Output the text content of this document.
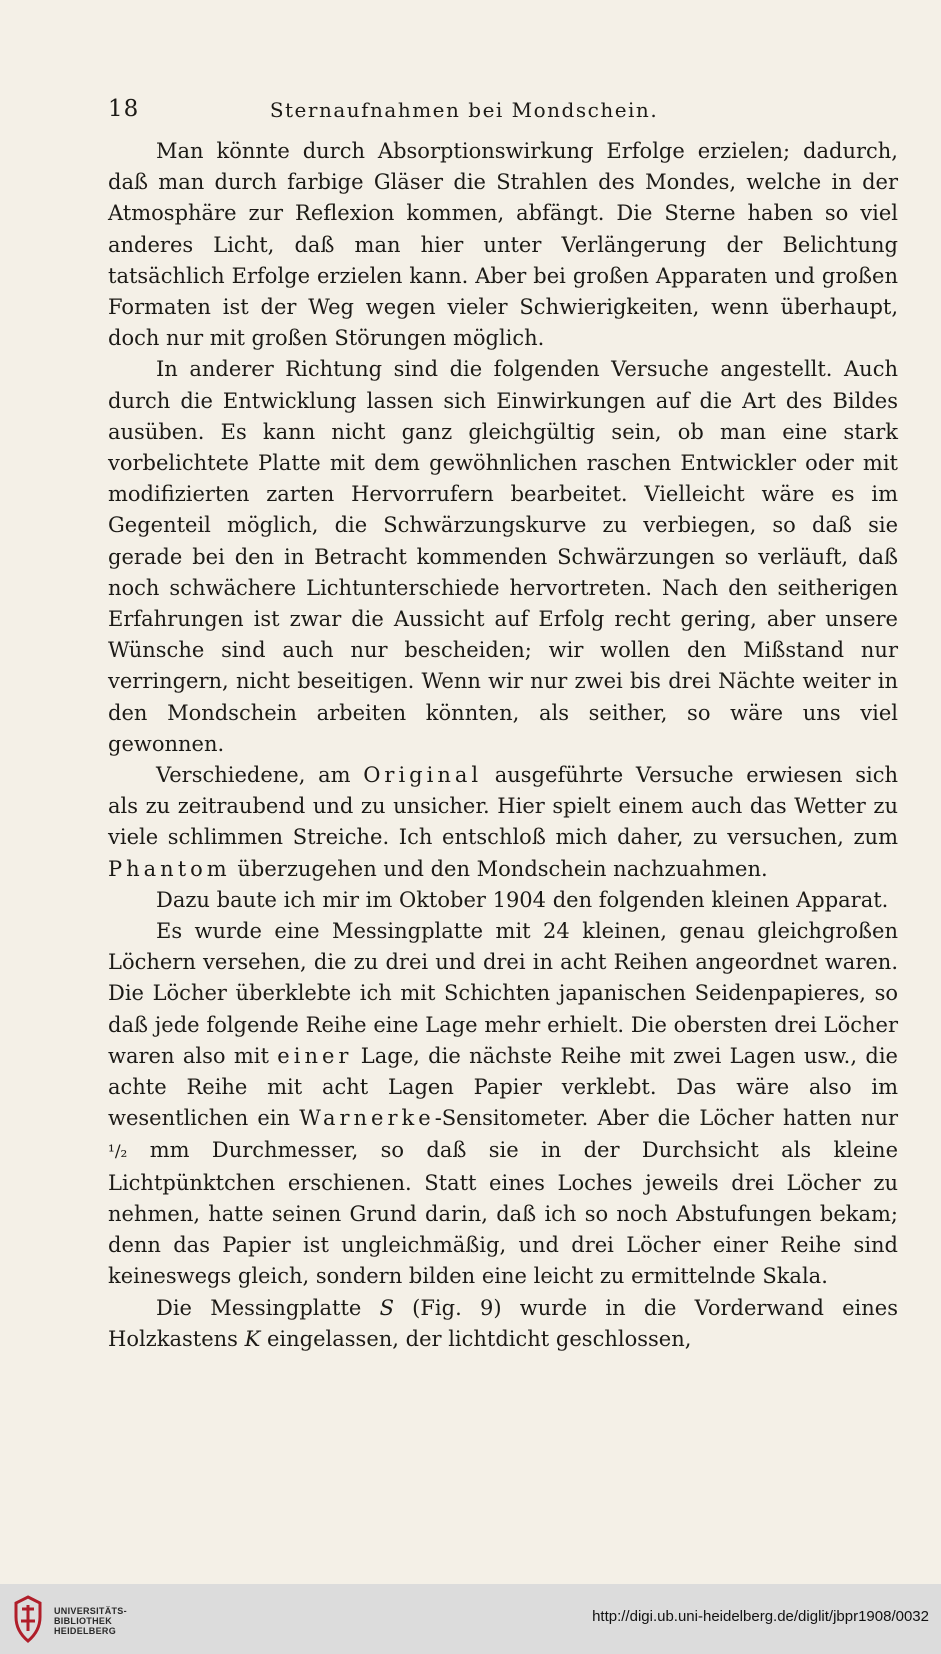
18	Sternaufnahmen bei Mondschein.

Man könnte durch Absorptionswirkung Erfolge erzielen; dadurch, daß man durch farbige Gläser die Strahlen des Mondes, welche in der Atmosphäre zur Reflexion kommen, abfängt. Die Sterne haben so viel anderes Licht, daß man hier unter Verlängerung der Belichtung tatsächlich Erfolge erzielen kann. Aber bei großen Apparaten und großen Formaten ist der Weg wegen vieler Schwierigkeiten, wenn überhaupt, doch nur mit großen Störungen möglich.

In anderer Richtung sind die folgenden Versuche angestellt. Auch durch die Entwicklung lassen sich Einwirkungen auf die Art des Bildes ausüben. Es kann nicht ganz gleichgültig sein, ob man eine stark vorbelichtete Platte mit dem gewöhnlichen raschen Entwickler oder mit modifizierten zarten Hervorrufern bearbeitet. Vielleicht wäre es im Gegenteil möglich, die Schwärzungskurve zu verbiegen, so daß sie gerade bei den in Betracht kommenden Schwärzungen so verläuft, daß noch schwächere Lichtunterschiede hervortreten. Nach den seitherigen Erfahrungen ist zwar die Aussicht auf Erfolg recht gering, aber unsere Wünsche sind auch nur bescheiden; wir wollen den Mißstand nur verringern, nicht beseitigen. Wenn wir nur zwei bis drei Nächte weiter in den Mondschein arbeiten könnten, als seither, so wäre uns viel gewonnen.

Verschiedene, am Original ausgeführte Versuche erwiesen sich als zu zeitraubend und zu unsicher. Hier spielt einem auch das Wetter zu viele schlimmen Streiche. Ich entschloß mich daher, zu versuchen, zum Phantom überzugehen und den Mondschein nachzuahmen.

Dazu baute ich mir im Oktober 1904 den folgenden kleinen Apparat.

Es wurde eine Messingplatte mit 24 kleinen, genau gleichgroßen Löchern versehen, die zu drei und drei in acht Reihen angeordnet waren. Die Löcher überklebte ich mit Schichten japanischen Seidenpapieres, so daß jede folgende Reihe eine Lage mehr erhielt. Die obersten drei Löcher waren also mit einer Lage, die nächste Reihe mit zwei Lagen usw., die achte Reihe mit acht Lagen Papier verklebt. Das wäre also im wesentlichen ein Warnerke-Sensitometer. Aber die Löcher hatten nur ¹/₂ mm Durchmesser, so daß sie in der Durchsicht als kleine Lichtpünktchen erschienen. Statt eines Loches jeweils drei Löcher zu nehmen, hatte seinen Grund darin, daß ich so noch Abstufungen bekam; denn das Papier ist ungleichmäßig, und drei Löcher einer Reihe sind keineswegs gleich, sondern bilden eine leicht zu ermittelnde Skala.

Die Messingplatte S (Fig. 9) wurde in die Vorderwand eines Holzkastens K eingelassen, der lichtdicht geschlossen,

UNIVERSITÄTS-
BIBLIOTHEK
HEIDELBERG
http://digi.ub.uni-heidelberg.de/diglit/jbpr1908/0032
